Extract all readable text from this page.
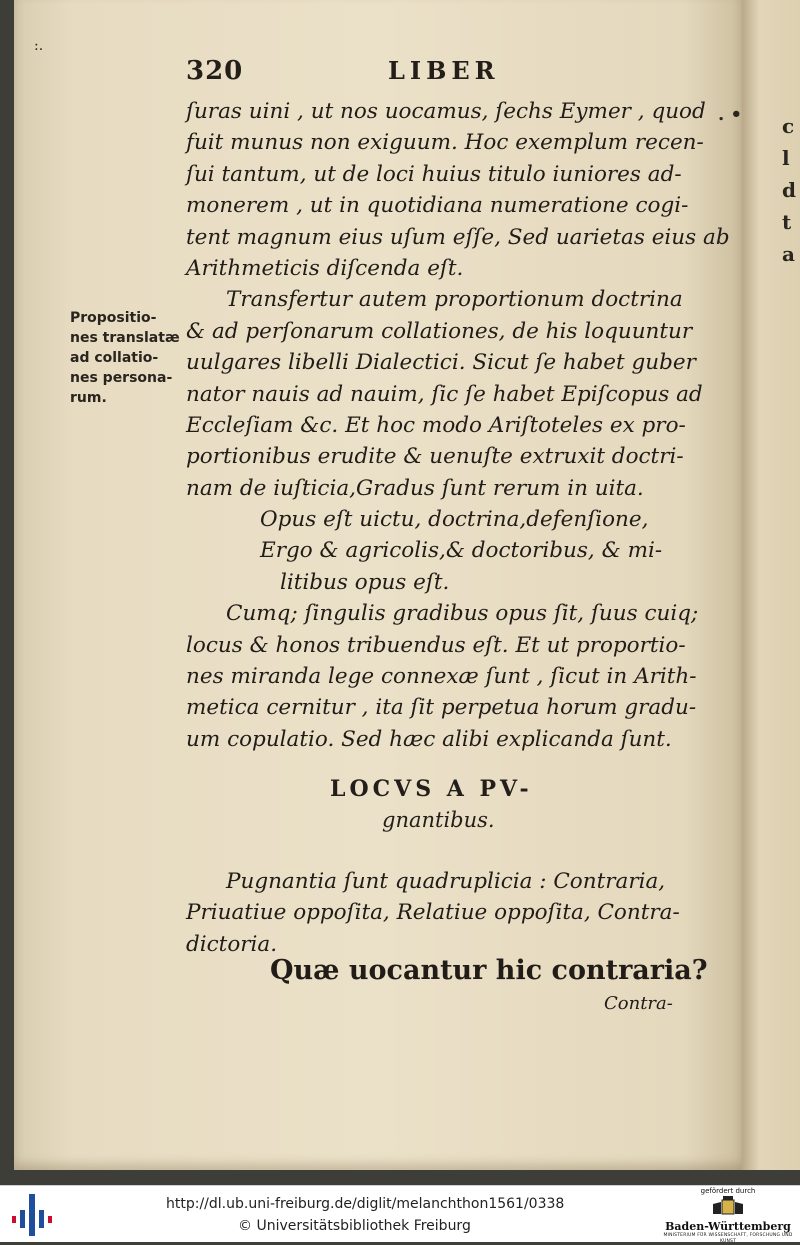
c
l
d
t
a
:.
320	LIBER
. •
Propositio-
nes translatæ
ad collatio-
nes persona-
rum.
ſuras uini , ut nos uocamus, ſechs Eymer , quod
fuit munus non exiguum. Hoc exemplum recen-
ſui tantum, ut de loci huius titulo iuniores ad-
monerem , ut in quotidiana numeratione cogi-
tent magnum eius uſum eſſe, Sed uarietas eius ab
Arithmeticis diſcenda eſt.
Transfertur autem proportionum doctrina
& ad perſonarum collationes, de his loquuntur
uulgares libelli Dialectici. Sicut ſe habet guber
nator nauis ad nauim, ſic ſe habet Epiſcopus ad
Eccleſiam &c. Et hoc modo Ariſtoteles ex pro-
portionibus erudite & uenuſte extruxit doctri-
nam de iuſticia,Gradus ſunt rerum in uita.
Opus eſt uictu, doctrina,defenſione,
Ergo & agricolis,& doctoribus, & mi-
litibus opus eſt.
Cumq; ſingulis gradibus opus ſit, ſuus cuiq;
locus & honos tribuendus eſt. Et ut proportio-
nes miranda lege connexæ ſunt , ſicut in Arith-
metica cernitur , ita ſit perpetua horum gradu-
um copulatio. Sed hæc alibi explicanda ſunt.
LOCVS A PV-
gnantibus.
Pugnantia ſunt quadruplicia : Contraria,
Priuatiue oppoſita, Relatiue oppoſita, Contra-
dictoria.
Quæ uocantur hic contraria?
Contra-
http://dl.ub.uni-freiburg.de/diglit/melanchthon1561/0338
© Universitätsbibliothek Freiburg
gefördert durch
Baden-Württemberg
MINISTERIUM FÜR WISSENSCHAFT, FORSCHUNG UND KUNST
